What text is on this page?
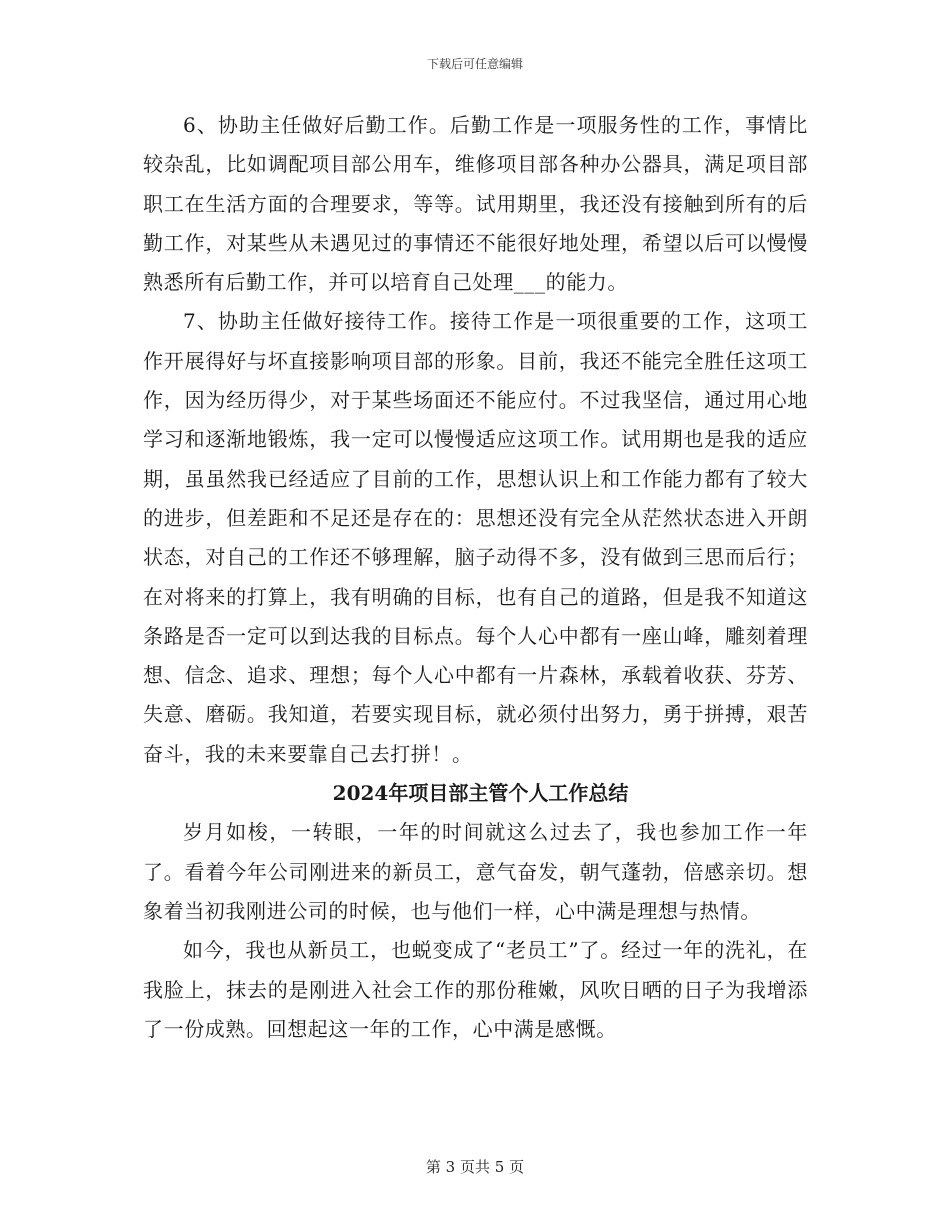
下载后可任意编辑

6、协助主任做好后勤工作。后勤工作是一项服务性的工作，事情比较杂乱，比如调配项目部公用车，维修项目部各种办公器具，满足项目部职工在生活方面的合理要求，等等。试用期里，我还没有接触到所有的后勤工作，对某些从未遇见过的事情还不能很好地处理，希望以后可以慢慢熟悉所有后勤工作，并可以培育自己处理___的能力。

7、协助主任做好接待工作。接待工作是一项很重要的工作，这项工作开展得好与坏直接影响项目部的形象。目前，我还不能完全胜任这项工作，因为经历得少，对于某些场面还不能应付。不过我坚信，通过用心地学习和逐渐地锻炼，我一定可以慢慢适应这项工作。试用期也是我的适应期，虽虽然我已经适应了目前的工作，思想认识上和工作能力都有了较大的进步，但差距和不足还是存在的：思想还没有完全从茫然状态进入开朗状态，对自己的工作还不够理解，脑子动得不多，没有做到三思而后行；在对将来的打算上，我有明确的目标，也有自己的道路，但是我不知道这条路是否一定可以到达我的目标点。每个人心中都有一座山峰，雕刻着理想、信念、追求、理想；每个人心中都有一片森林，承载着收获、芬芳、失意、磨砺。我知道，若要实现目标，就必须付出努力，勇于拼搏，艰苦奋斗，我的未来要靠自己去打拼！。

2024年项目部主管个人工作总结

岁月如梭，一转眼，一年的时间就这么过去了，我也参加工作一年了。看着今年公司刚进来的新员工，意气奋发，朝气蓬勃，倍感亲切。想象着当初我刚进公司的时候，也与他们一样，心中满是理想与热情。

如今，我也从新员工，也蜕变成了“老员工”了。经过一年的洗礼，在我脸上，抹去的是刚进入社会工作的那份稚嫩，风吹日晒的日子为我增添了一份成熟。回想起这一年的工作，心中满是感慨。

第 3 页共 5 页
